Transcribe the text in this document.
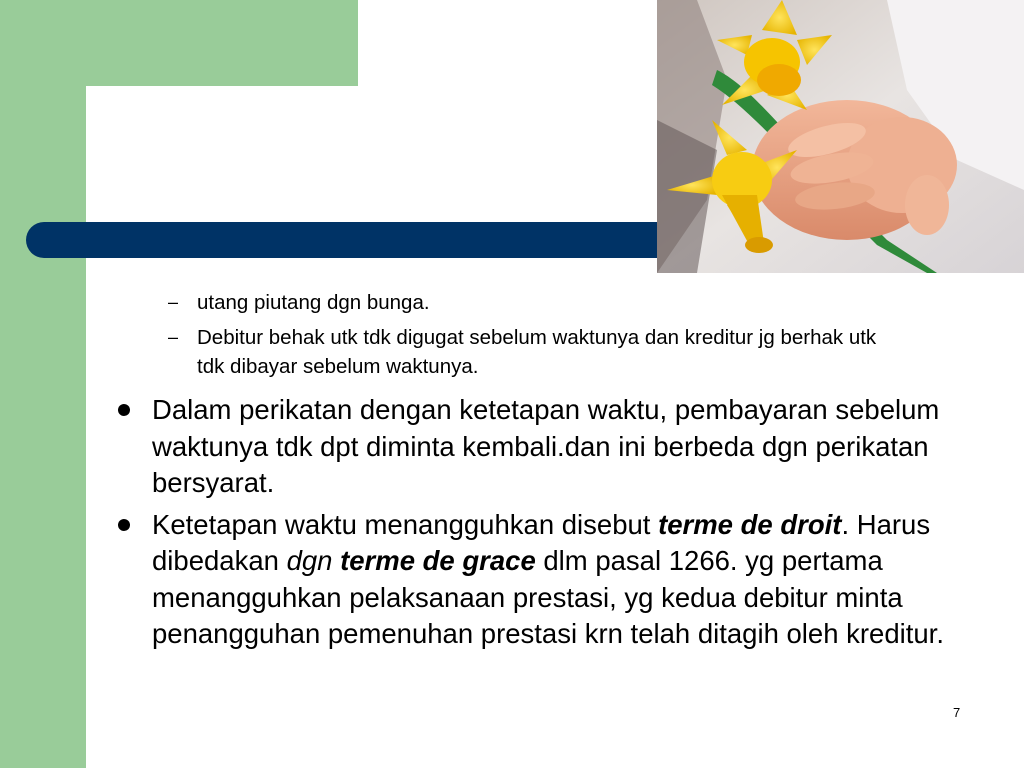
– utang piutang dgn bunga.
– Debitur behak utk tdk digugat sebelum waktunya dan kreditur jg berhak utk tdk dibayar sebelum waktunya.
Dalam perikatan dengan ketetapan waktu, pembayaran sebelum waktunya tdk dpt diminta kembali.dan ini berbeda dgn perikatan bersyarat.
Ketetapan waktu menangguhkan disebut terme de droit. Harus dibedakan dgn terme de grace dlm pasal 1266. yg pertama menangguhkan pelaksanaan prestasi, yg kedua debitur minta penangguhan pemenuhan prestasi krn telah ditagih oleh kreditur.
7
